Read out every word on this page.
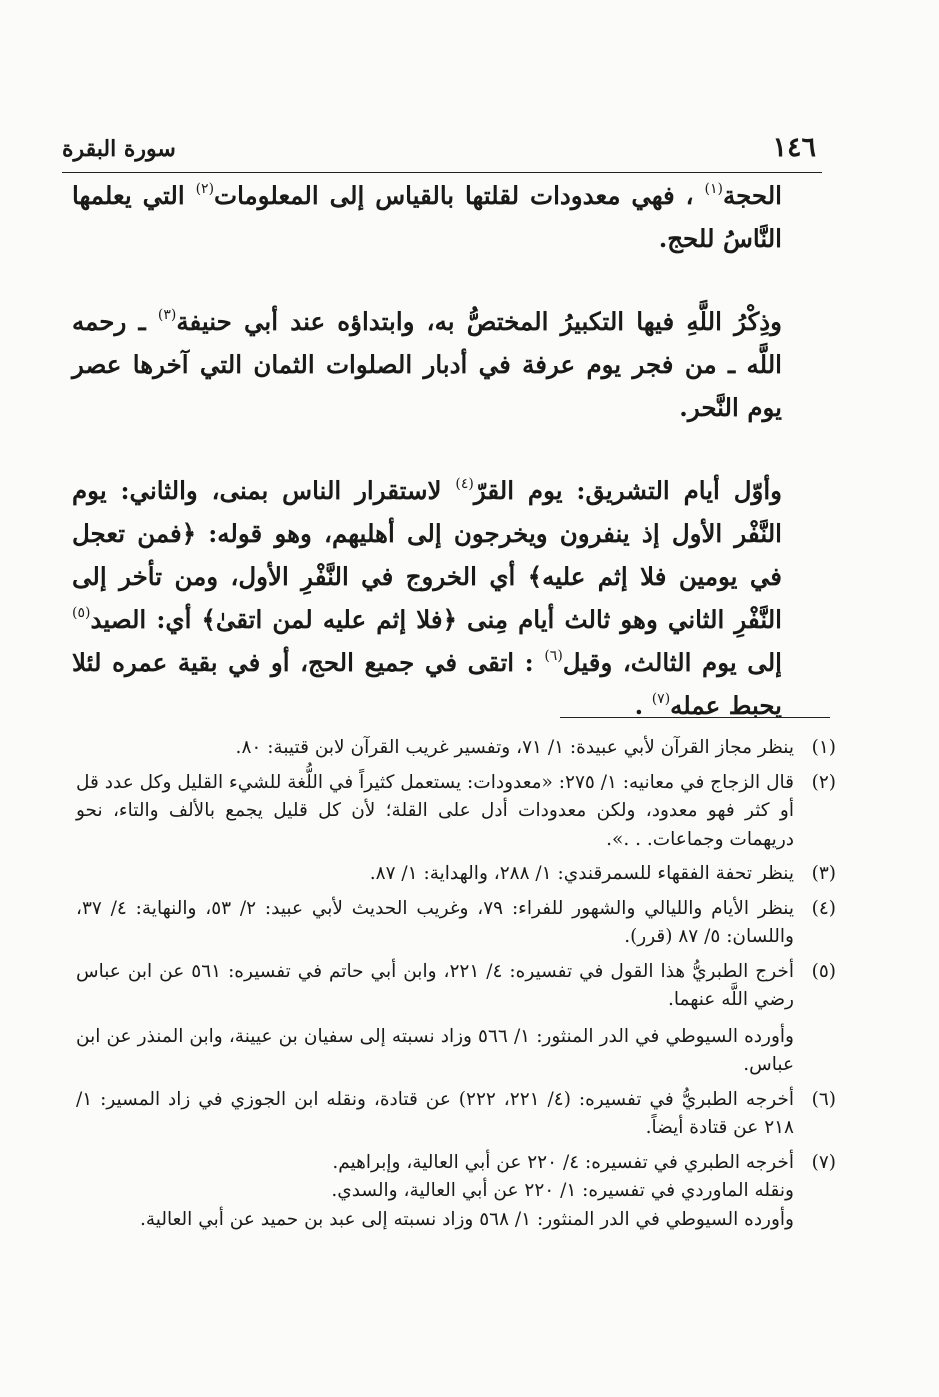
١٤٦
سورة البقرة

الحجة$^{(١)}$ ، فهي معدودات لقلتها بالقياس إلى المعلومات$^{(٢)}$ التي يعلمها النَّاسُ للحج.

وذِكْرُ اللَّهِ فيها التكبيرُ المختصُّ به، وابتداؤه عند أبي حنيفة$^{(٣)}$ ـ رحمه اللَّه ـ من فجر يوم عرفة في أدبار الصلوات الثمان التي آخرها عصر يوم النَّحر.

وأوّل أيام التشريق: يوم القرّ$^{(٤)}$ لاستقرار الناس بمنى، والثاني: يوم النَّفْر الأول إذ ينفرون ويخرجون إلى أهليهم، وهو قوله: ﴿فمن تعجل في يومين فلا إثم عليه﴾ أي الخروج في النَّفْرِ الأول، ومن تأخر إلى النَّفْرِ الثاني وهو ثالث أيام مِنى ﴿فلا إثم عليه لمن اتقىٰ﴾ أي: الصيد$^{(٥)}$ إلى يوم الثالث، وقيل$^{(٦)}$ : اتقى في جميع الحج، أو في بقية عمره لئلا يحبط عمله$^{(٧)}$ .

(١)
ينظر مجاز القرآن لأبي عبيدة: ١/ ٧١، وتفسير غريب القرآن لابن قتيبة: ٨٠.
(٢)
قال الزجاج في معانيه: ١/ ٢٧٥: «معدودات: يستعمل كثيراً في اللُّغة للشيء القليل وكل عدد قل أو كثر فهو معدود، ولكن معدودات أدل على القلة؛ لأن كل قليل يجمع بالألف والتاء، نحو دريهمات وجماعات. . .».
(٣)
ينظر تحفة الفقهاء للسمرقندي: ١/ ٢٨٨، والهداية: ١/ ٨٧.
(٤)
ينظر الأيام والليالي والشهور للفراء: ٧٩، وغريب الحديث لأبي عبيد: ٢/ ٥٣، والنهاية: ٤/ ٣٧، واللسان: ٥/ ٨٧ (قرر).
(٥)
أخرج الطبريُّ هذا القول في تفسيره: ٤/ ٢٢١، وابن أبي حاتم في تفسيره: ٥٦١ عن ابن عباس رضي اللَّه عنهما.
وأورده السيوطي في الدر المنثور: ١/ ٥٦٦ وزاد نسبته إلى سفيان بن عيينة، وابن المنذر عن ابن عباس.
(٦)
أخرجه الطبريُّ في تفسيره: (٤/ ٢٢١، ٢٢٢) عن قتادة، ونقله ابن الجوزي في زاد المسير: ١/ ٢١٨ عن قتادة أيضاً.
(٧)
أخرجه الطبري في تفسيره: ٤/ ٢٢٠ عن أبي العالية، وإبراهيم.
ونقله الماوردي في تفسيره: ١/ ٢٢٠ عن أبي العالية، والسدي.
وأورده السيوطي في الدر المنثور: ١/ ٥٦٨ وزاد نسبته إلى عبد بن حميد عن أبي العالية.
